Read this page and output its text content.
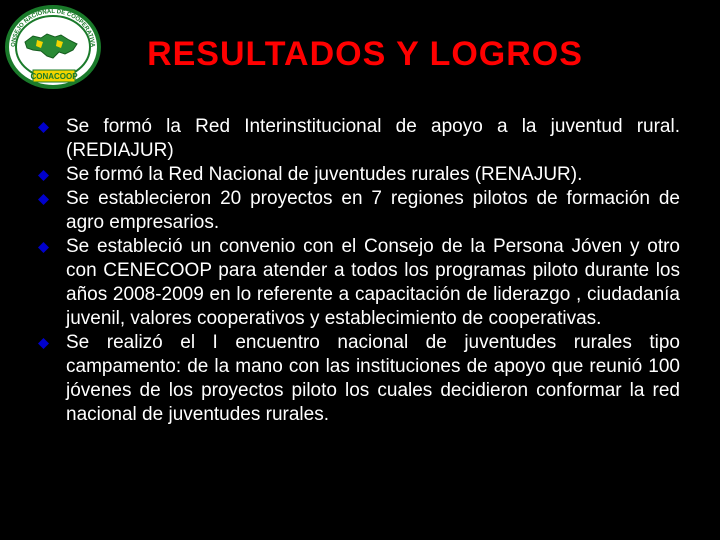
CONACOOP
ONSEJO NACIONAL DE COOPERATIVA	RESULTADOS Y LOGROS
Se formó la Red Interinstitucional de apoyo a la juventud rural. (REDIAJUR)
Se formó la Red Nacional de juventudes rurales (RENAJUR).
Se establecieron 20 proyectos en 7 regiones pilotos de formación de agro empresarios.
Se estableció un convenio con el Consejo de la Persona Jóven y otro con CENECOOP para atender a todos los programas piloto durante los años 2008-2009 en lo referente a capacitación de liderazgo , ciudadanía juvenil, valores cooperativos y establecimiento de cooperativas.
Se realizó el I encuentro nacional de juventudes rurales tipo campamento: de la mano con las instituciones de apoyo que reunió 100 jóvenes de los proyectos piloto los cuales decidieron conformar la red nacional de juventudes rurales.
